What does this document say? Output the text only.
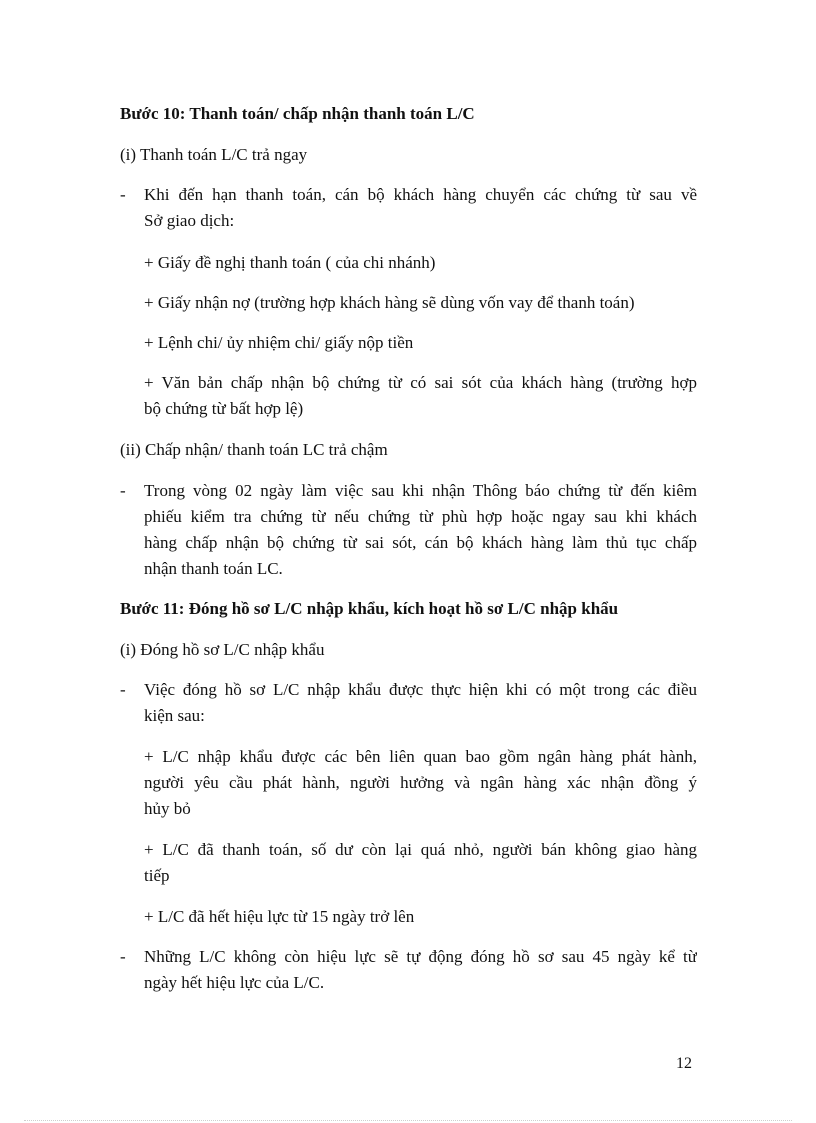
Bước 10: Thanh toán/ chấp nhận thanh toán L/C
(i) Thanh toán L/C trả ngay
-	Khi đến hạn thanh toán, cán bộ khách hàng chuyển các chứng từ sau về
Sở giao dịch:
+ Giấy đề nghị thanh toán ( của chi nhánh)
+ Giấy nhận nợ (trường hợp khách hàng sẽ dùng vốn vay để thanh toán)
+ Lệnh chi/ ủy nhiệm chi/ giấy nộp tiền
+ Văn bản chấp nhận bộ chứng từ có sai sót của khách hàng (trường hợp
bộ chứng từ bất hợp lệ)
(ii) Chấp nhận/ thanh toán LC trả chậm
-	Trong vòng 02 ngày làm việc sau khi nhận Thông báo chứng từ đến kiêm
phiếu kiểm tra chứng từ nếu chứng từ phù hợp hoặc ngay sau khi khách
hàng chấp nhận bộ chứng từ sai sót, cán bộ khách hàng làm thủ tục chấp
nhận thanh toán LC.
Bước 11: Đóng hồ sơ L/C nhập khẩu, kích hoạt hồ sơ L/C nhập khẩu
(i) Đóng hồ sơ L/C nhập khẩu
-	Việc đóng hồ sơ L/C nhập khẩu được thực hiện khi có một trong các điều
kiện sau:
+ L/C nhập khẩu được các bên liên quan bao gồm ngân hàng phát hành,
người yêu cầu phát hành, người hưởng và ngân hàng xác nhận đồng ý
hủy bỏ
+ L/C đã thanh toán, số dư còn lại quá nhỏ, người bán không giao hàng
tiếp
+ L/C đã hết hiệu lực từ 15 ngày trở lên
-	Những L/C không còn hiệu lực sẽ tự động đóng hồ sơ sau 45 ngày kể từ
ngày hết hiệu lực của L/C.
12
